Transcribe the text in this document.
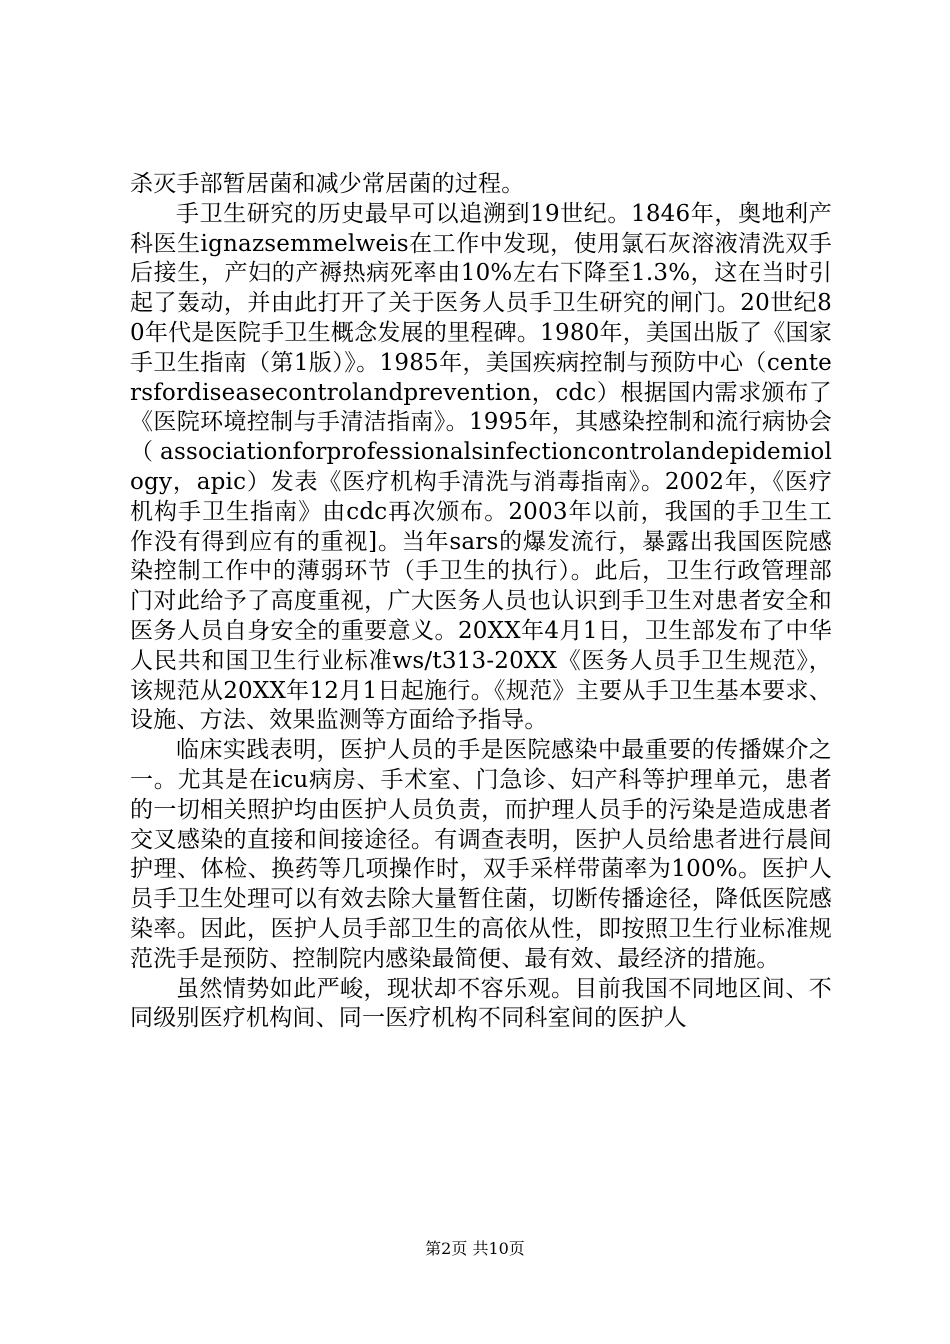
杀灭手部暂居菌和减少常居菌的过程。

手卫生研究的历史最早可以追溯到19世纪。1846年，奥地利产科医生ignazsemmelweis在工作中发现，使用氯石灰溶液清洗双手后接生，产妇的产褥热病死率由10%左右下降至1.3%，这在当时引起了轰动，并由此打开了关于医务人员手卫生研究的闸门。20世纪80年代是医院手卫生概念发展的里程碑。1980年，美国出版了《国家手卫生指南（第1版）》。1985年，美国疾病控制与预防中心（centersfordiseasecontrolandprevention，cdc）根据国内需求颁布了《医院环境控制与手清洁指南》。1995年，其感染控制和流行病协会（associationforprofessionalsinfectioncontrolandepidemiology，apic）发表《医疗机构手清洗与消毒指南》。2002年，《医疗机构手卫生指南》由cdc再次颁布。2003年以前，我国的手卫生工作没有得到应有的重视]。当年sars的爆发流行，暴露出我国医院感染控制工作中的薄弱环节（手卫生的执行）。此后，卫生行政管理部门对此给予了高度重视，广大医务人员也认识到手卫生对患者安全和医务人员自身安全的重要意义。20XX年4月1日，卫生部发布了中华人民共和国卫生行业标准ws/t313-20XX《医务人员手卫生规范》，该规范从20XX年12月1日起施行。《规范》主要从手卫生基本要求、设施、方法、效果监测等方面给予指导。

临床实践表明，医护人员的手是医院感染中最重要的传播媒介之一。尤其是在icu病房、手术室、门急诊、妇产科等护理单元，患者的一切相关照护均由医护人员负责，而护理人员手的污染是造成患者交叉感染的直接和间接途径。有调查表明，医护人员给患者进行晨间护理、体检、换药等几项操作时，双手采样带菌率为100%。医护人员手卫生处理可以有效去除大量暂住菌，切断传播途径，降低医院感染率。因此，医护人员手部卫生的高依从性，即按照卫生行业标准规范洗手是预防、控制院内感染最简便、最有效、最经济的措施。

虽然情势如此严峻，现状却不容乐观。目前我国不同地区间、不同级别医疗机构间、同一医疗机构不同科室间的医护人

第2页 共10页
